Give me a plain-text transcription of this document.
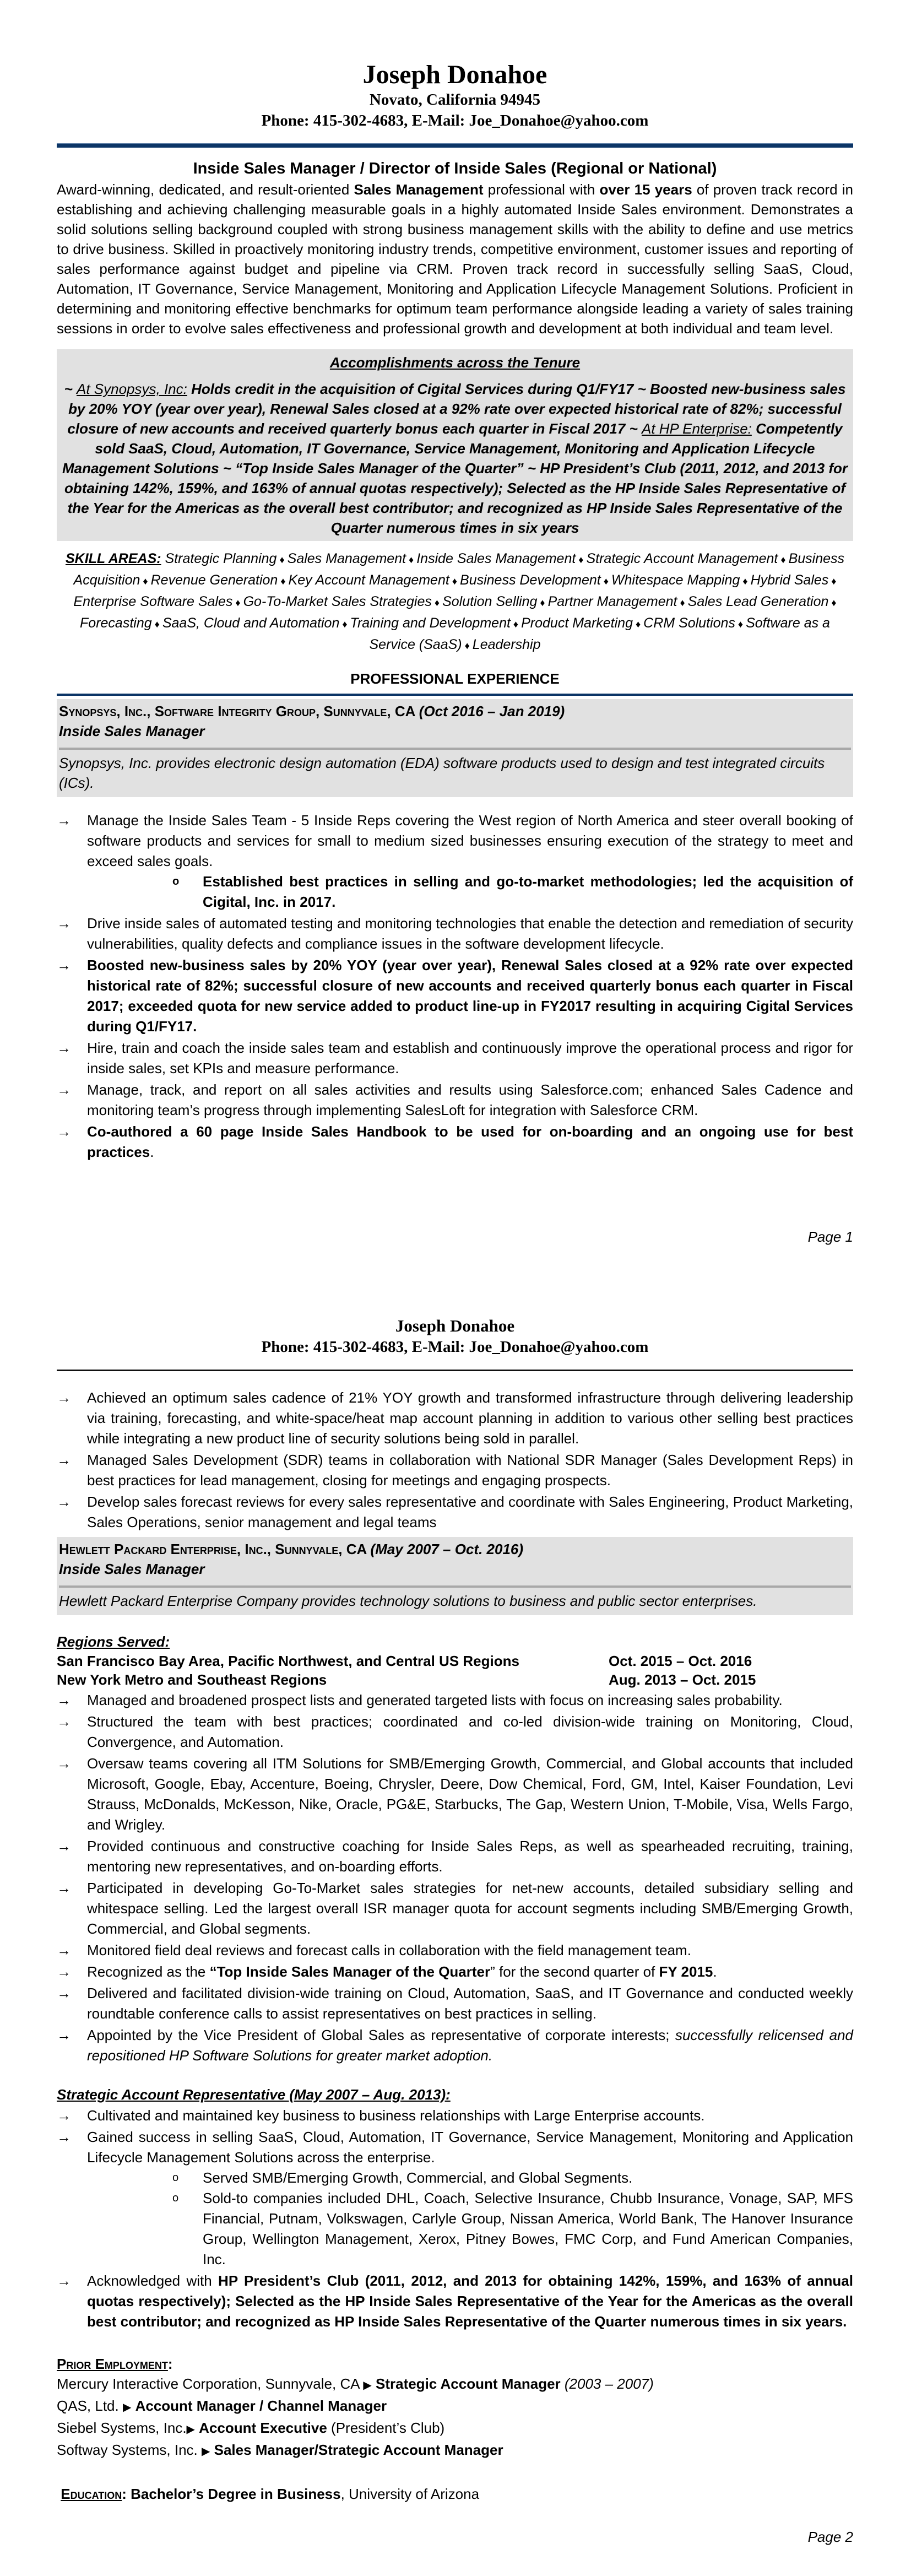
Joseph Donahoe

Novato, California 94945

Phone: 415-302-4683, E-Mail: Joe_Donahoe@yahoo.com

Inside Sales Manager / Director of Inside Sales (Regional or National)

Award-winning, dedicated, and result-oriented Sales Management professional with over 15 years of proven track record in establishing and achieving challenging measurable goals in a highly automated Inside Sales environment. Demonstrates a solid solutions selling background coupled with strong business management skills with the ability to define and use metrics to drive business. Skilled in proactively monitoring industry trends, competitive environment, customer issues and reporting of sales performance against budget and pipeline via CRM. Proven track record in successfully selling SaaS, Cloud, Automation, IT Governance, Service Management, Monitoring and Application Lifecycle Management Solutions. Proficient in determining and monitoring effective benchmarks for optimum team performance alongside leading a variety of sales training sessions in order to evolve sales effectiveness and professional growth and development at both individual and team level.

Accomplishments across the Tenure
~ At Synopsys, Inc: Holds credit in the acquisition of Cigital Services during Q1/FY17 ~ Boosted new-business sales by 20% YOY (year over year), Renewal Sales closed at a 92% rate over expected historical rate of 82%; successful closure of new accounts and received quarterly bonus each quarter in Fiscal 2017 ~ At HP Enterprise: Competently sold SaaS, Cloud, Automation, IT Governance, Service Management, Monitoring and Application Lifecycle Management Solutions ~ “Top Inside Sales Manager of the Quarter” ~ HP President’s Club (2011, 2012, and 2013 for obtaining 142%, 159%, and 163% of annual quotas respectively); Selected as the HP Inside Sales Representative of the Year for the Americas as the overall best contributor; and recognized as HP Inside Sales Representative of the Quarter numerous times in six years
SKILL AREAS: Strategic Planning ♦ Sales Management ♦ Inside Sales Management ♦ Strategic Account Management ♦ Business Acquisition ♦ Revenue Generation ♦ Key Account Management ♦ Business Development ♦ Whitespace Mapping ♦ Hybrid Sales ♦ Enterprise Software Sales ♦ Go-To-Market Sales Strategies ♦ Solution Selling ♦ Partner Management ♦ Sales Lead Generation ♦ Forecasting ♦ SaaS, Cloud and Automation ♦ Training and Development ♦ Product Marketing ♦ CRM Solutions ♦ Software as a Service (SaaS) ♦ Leadership
PROFESSIONAL EXPERIENCE
Synopsys, Inc., Software Integrity Group, Sunnyvale, CA (Oct 2016 – Jan 2019)
Inside Sales Manager
Synopsys, Inc. provides electronic design automation (EDA) software products used to design and test integrated circuits (ICs).
→ Manage the Inside Sales Team - 5 Inside Reps covering the West region of North America and steer overall booking of software products and services for small to medium sized businesses ensuring execution of the strategy to meet and exceed sales goals.
o Established best practices in selling and go-to-market methodologies; led the acquisition of Cigital, Inc. in 2017.
→ Drive inside sales of automated testing and monitoring technologies that enable the detection and remediation of security vulnerabilities, quality defects and compliance issues in the software development lifecycle.
→ Boosted new-business sales by 20% YOY (year over year), Renewal Sales closed at a 92% rate over expected historical rate of 82%; successful closure of new accounts and received quarterly bonus each quarter in Fiscal 2017; exceeded quota for new service added to product line-up in FY2017 resulting in acquiring Cigital Services during Q1/FY17.
→ Hire, train and coach the inside sales team and establish and continuously improve the operational process and rigor for inside sales, set KPIs and measure performance.
→ Manage, track, and report on all sales activities and results using Salesforce.com; enhanced Sales Cadence and monitoring team’s progress through implementing SalesLoft for integration with Salesforce CRM.
→ Co-authored a 60 page Inside Sales Handbook to be used for on-boarding and an ongoing use for best practices.
Page 1

Joseph Donahoe

Phone: 415-302-4683, E-Mail: Joe_Donahoe@yahoo.com

→ Achieved an optimum sales cadence of 21% YOY growth and transformed infrastructure through delivering leadership via training, forecasting, and white-space/heat map account planning in addition to various other selling best practices while integrating a new product line of security solutions being sold in parallel.
→ Managed Sales Development (SDR) teams in collaboration with National SDR Manager (Sales Development Reps) in best practices for lead management, closing for meetings and engaging prospects.
→ Develop sales forecast reviews for every sales representative and coordinate with Sales Engineering, Product Marketing, Sales Operations, senior management and legal teams
Hewlett Packard Enterprise, Inc., Sunnyvale, CA (May 2007 – Oct. 2016)
Inside Sales Manager
Hewlett Packard Enterprise Company provides technology solutions to business and public sector enterprises.
Regions Served:
San Francisco Bay Area, Pacific Northwest, and Central US Regions	Oct. 2015 – Oct. 2016
New York Metro and Southeast Regions	Aug. 2013 – Oct. 2015
→ Managed and broadened prospect lists and generated targeted lists with focus on increasing sales probability.
→ Structured the team with best practices; coordinated and co-led division-wide training on Monitoring, Cloud, Convergence, and Automation.
→ Oversaw teams covering all ITM Solutions for SMB/Emerging Growth, Commercial, and Global accounts that included Microsoft, Google, Ebay, Accenture, Boeing, Chrysler, Deere, Dow Chemical, Ford, GM, Intel, Kaiser Foundation, Levi Strauss, McDonalds, McKesson, Nike, Oracle, PG&E, Starbucks, The Gap, Western Union, T-Mobile, Visa, Wells Fargo, and Wrigley.
→ Provided continuous and constructive coaching for Inside Sales Reps, as well as spearheaded recruiting, training, mentoring new representatives, and on-boarding efforts.
→ Participated in developing Go-To-Market sales strategies for net-new accounts, detailed subsidiary selling and whitespace selling. Led the largest overall ISR manager quota for account segments including SMB/Emerging Growth, Commercial, and Global segments.
→ Monitored field deal reviews and forecast calls in collaboration with the field management team.
→ Recognized as the “Top Inside Sales Manager of the Quarter” for the second quarter of FY 2015.
→ Delivered and facilitated division-wide training on Cloud, Automation, SaaS, and IT Governance and conducted weekly roundtable conference calls to assist representatives on best practices in selling.
→ Appointed by the Vice President of Global Sales as representative of corporate interests; successfully relicensed and repositioned HP Software Solutions for greater market adoption.
Strategic Account Representative (May 2007 – Aug. 2013):
→ Cultivated and maintained key business to business relationships with Large Enterprise accounts.
→ Gained success in selling SaaS, Cloud, Automation, IT Governance, Service Management, Monitoring and Application Lifecycle Management Solutions across the enterprise.
o Served SMB/Emerging Growth, Commercial, and Global Segments.
o Sold-to companies included DHL, Coach, Selective Insurance, Chubb Insurance, Vonage, SAP, MFS Financial, Putnam, Volkswagen, Carlyle Group, Nissan America, World Bank, The Hanover Insurance Group, Wellington Management, Xerox, Pitney Bowes, FMC Corp, and Fund American Companies, Inc.
→ Acknowledged with HP President’s Club (2011, 2012, and 2013 for obtaining 142%, 159%, and 163% of annual quotas respectively); Selected as the HP Inside Sales Representative of the Year for the Americas as the overall best contributor; and recognized as HP Inside Sales Representative of the Quarter numerous times in six years.
Prior Employment:
Mercury Interactive Corporation, Sunnyvale, CA ▶ Strategic Account Manager (2003 – 2007)
QAS, Ltd. ▶ Account Manager / Channel Manager
Siebel Systems, Inc.▶ Account Executive (President’s Club)
Softway Systems, Inc. ▶ Sales Manager/Strategic Account Manager
Education: Bachelor’s Degree in Business, University of Arizona
Page 2
